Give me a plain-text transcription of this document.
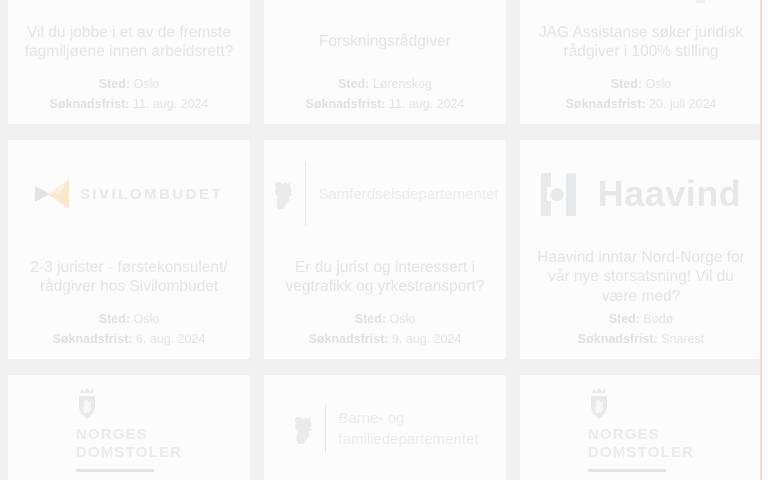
Vil du jobbe i et av de fremste fagmiljøene innen arbeidsrett?
Sted: Oslo
Søknadsfrist: 11. aug. 2024
Forskningsrådgiver
Sted: Lørenskog
Søknadsfrist: 11. aug. 2024
JAG Assistanse søker juridisk rådgiver i 100% stilling
Sted: Oslo
Søknadsfrist: 20. juli 2024
SIVILOMBUDET
2-3 jurister - førstekonsulent/ rådgiver hos Sivilombudet
Sted: Oslo
Søknadsfrist: 6. aug. 2024
Samferdselsdepartementet
Er du jurist og interessert i vegtrafikk og yrkestransport?
Sted: Oslo
Søknadsfrist: 9. aug. 2024
Haavind
Haavind inntar Nord-Norge for vår nye storsatsning! Vil du være med?
Sted: Bodø
Søknadsfrist: Snarest
NORGES
DOMSTOLER
Barne- og
familiedepartementet	NORGES
DOMSTOLER
